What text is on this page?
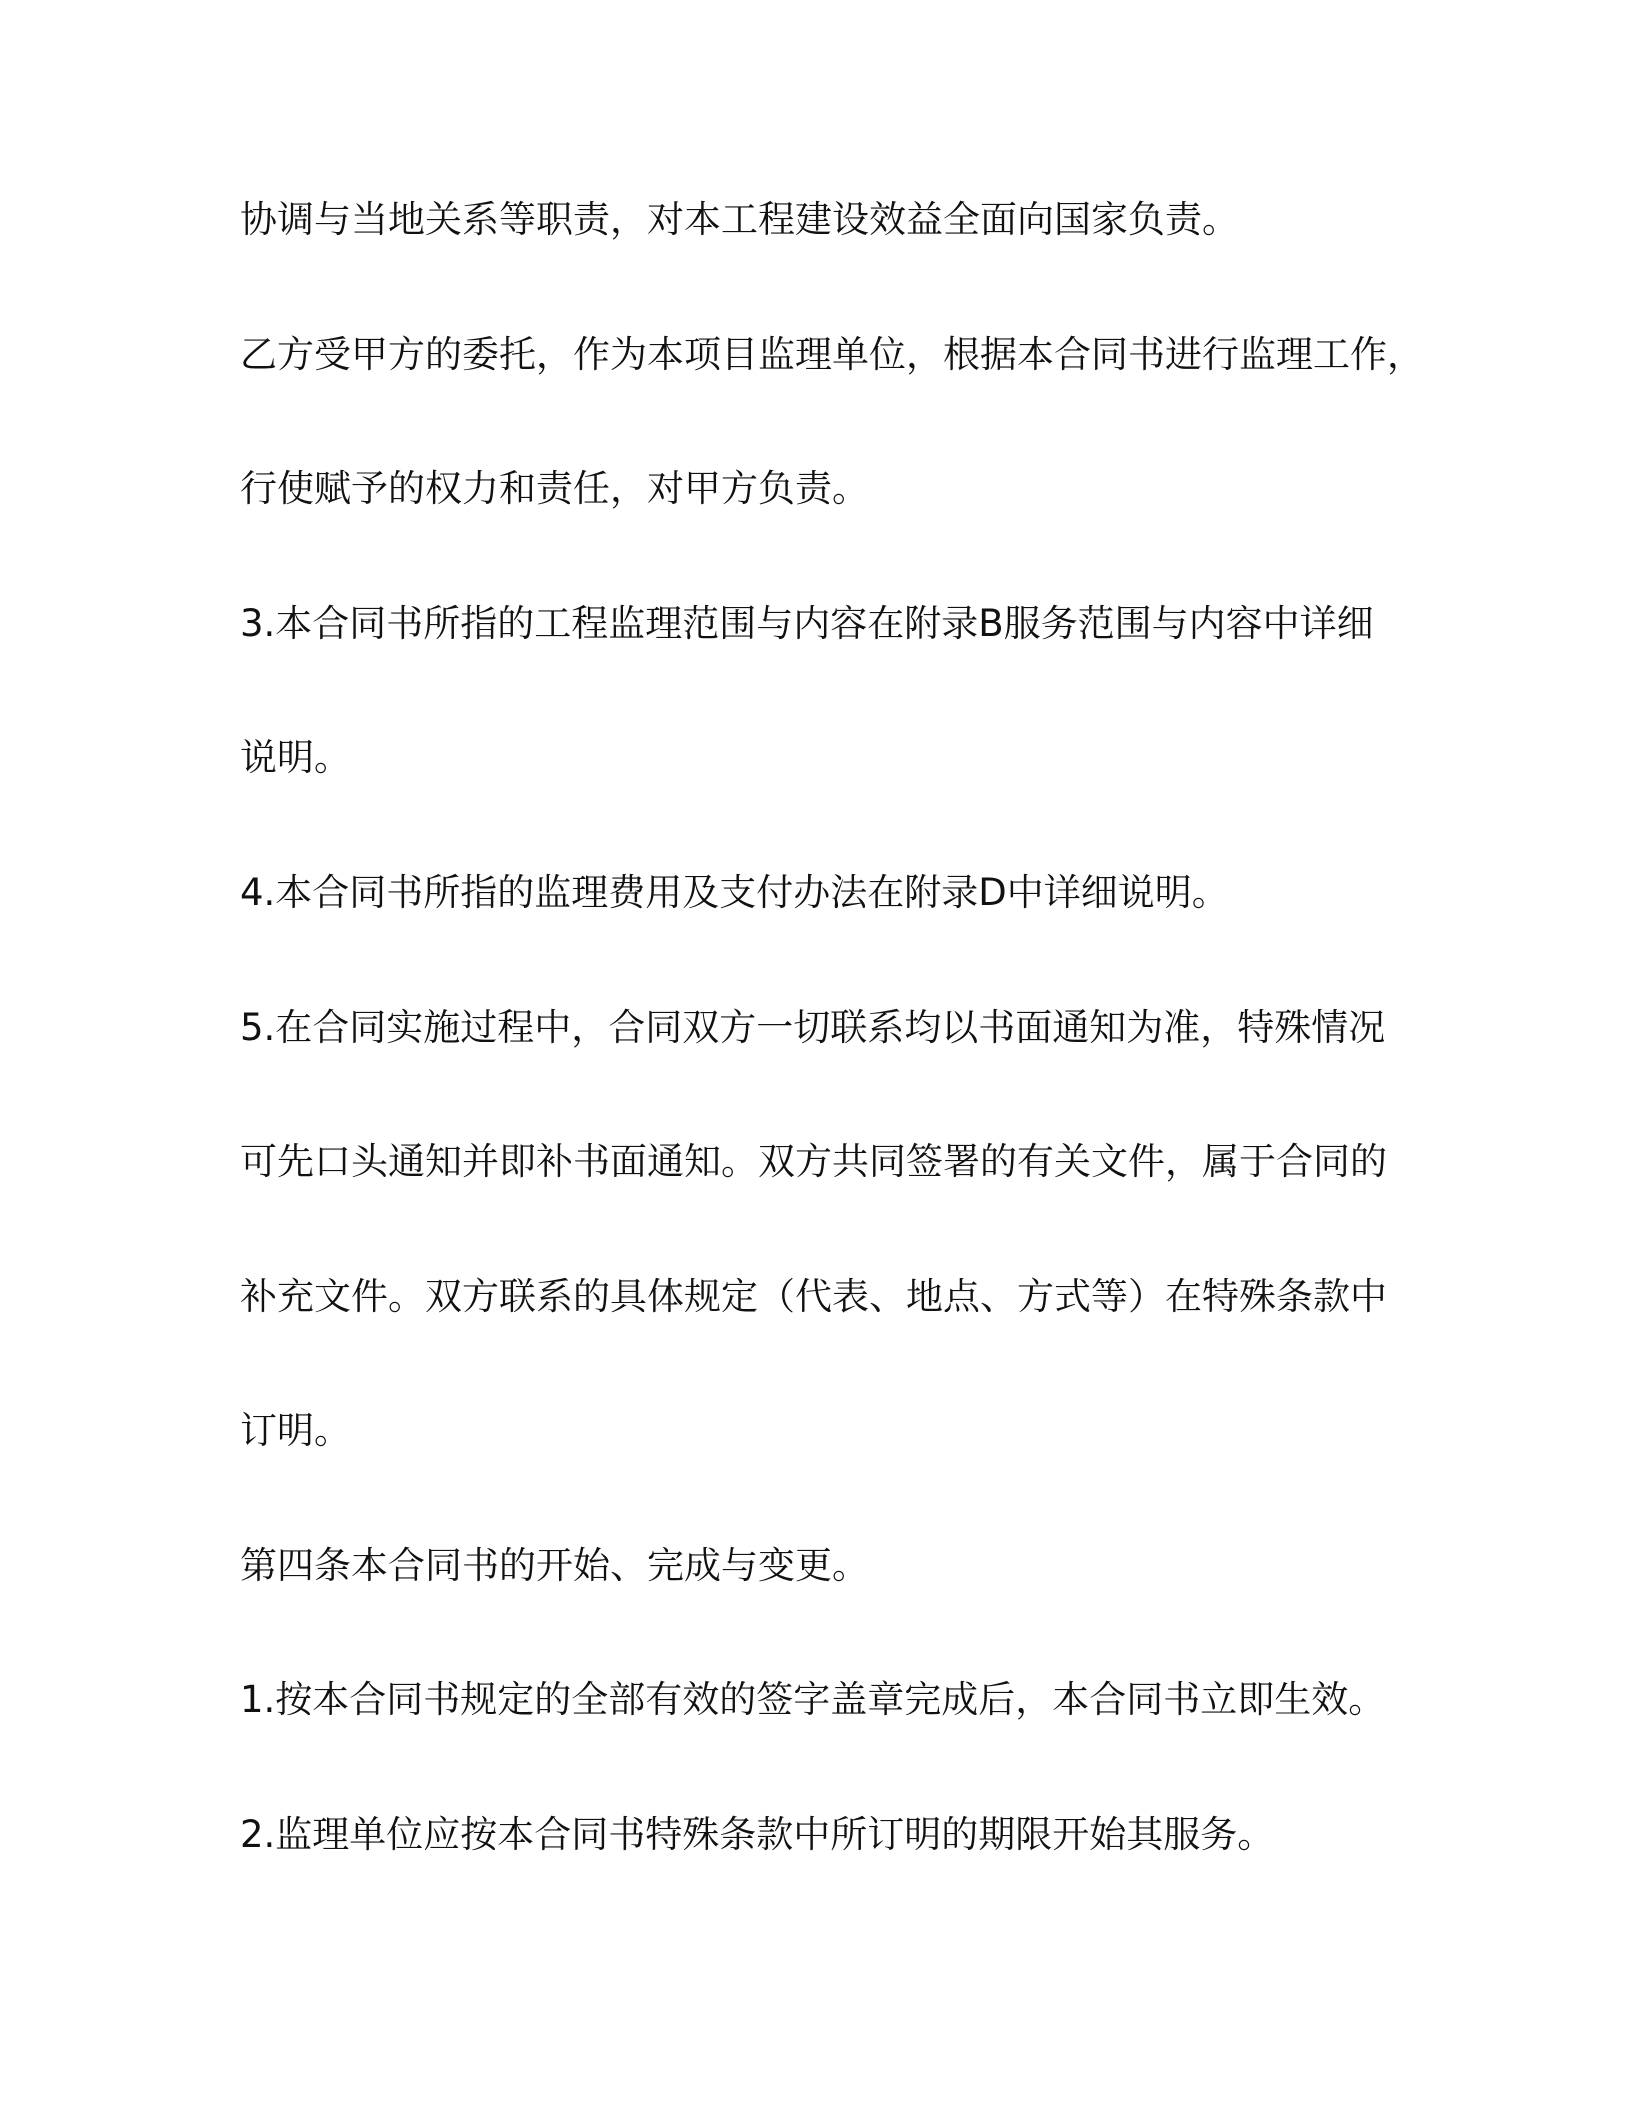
协调与当地关系等职责，对本工程建设效益全面向国家负责。

乙方受甲方的委托，作为本项目监理单位，根据本合同书进行监理工作，

行使赋予的权力和责任，对甲方负责。

3.本合同书所指的工程监理范围与内容在附录B服务范围与内容中详细

说明。

4.本合同书所指的监理费用及支付办法在附录D中详细说明。

5.在合同实施过程中，合同双方一切联系均以书面通知为准，特殊情况

可先口头通知并即补书面通知。双方共同签署的有关文件，属于合同的

补充文件。双方联系的具体规定（代表、地点、方式等）在特殊条款中

订明。

第四条本合同书的开始、完成与变更。

1.按本合同书规定的全部有效的签字盖章完成后，本合同书立即生效。

2.监理单位应按本合同书特殊条款中所订明的期限开始其服务。
